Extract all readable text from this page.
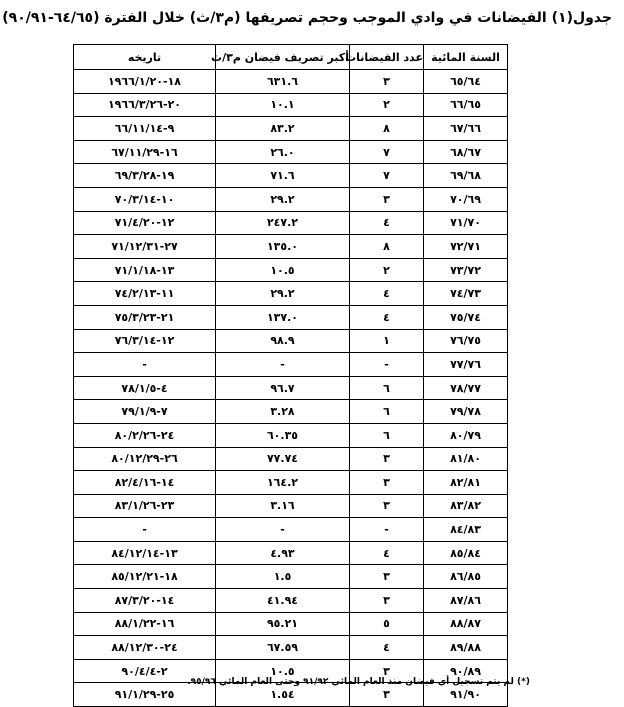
جدول(١) الفيضانات في وادي الموجب وحجم تصريفها (م٣/ث) خلال الفترة (٦٤/٦٥-٩٠/٩١)
السنة المائية	عدد الفيضانات	أكبر تصريف فيضان م٣/ث	تاريخه
٦٥/٦٤	٣	٦٣١.٦	١٨-١٩٦٦/١/٢٠
٦٦/٦٥	٢	١٠.١	٢٠-١٩٦٦/٣/٢٦
٦٧/٦٦	٨	٨٣.٢	٩-٦٦/١١/١٤
٦٨/٦٧	٧	٢٦.٠	١٦-٦٧/١١/٢٩
٦٩/٦٨	٧	٧١.٦	١٩-٦٩/٣/٢٨
٧٠/٦٩	٣	٢٩.٢	١٠-٧٠/٣/١٤
٧١/٧٠	٤	٢٤٧.٢	١٢-٧١/٤/٢٠
٧٢/٧١	٨	١٣٥.٠	٢٧-٧١/١٢/٣١
٧٣/٧٢	٢	١٠.٥	١٣-٧١/١/١٨
٧٤/٧٣	٤	٢٩.٢	١١-٧٤/٢/١٣
٧٥/٧٤	٤	١٣٧.٠	٢١-٧٥/٣/٢٣
٧٦/٧٥	١	٩٨.٩	١٢-٧٦/٣/١٤
٧٧/٧٦	-	-	-
٧٨/٧٧	٦	٩٦.٧	٤-٧٨/١/٥
٧٩/٧٨	٦	٣.٢٨	٧-٧٩/١/٩
٨٠/٧٩	٦	٦٠.٣٥	٢٤-٨٠/٢/٢٦
٨١/٨٠	٣	٧٧.٧٤	٢٦-٨٠/١٢/٢٩
٨٢/٨١	٣	١٦٤.٢	١٤-٨٢/٤/١٦
٨٣/٨٢	٣	٣.١٦	٢٣-٨٣/١/٢٦
٨٤/٨٣	-	-	-
٨٥/٨٤	٤	٤.٩٣	١٣-٨٤/١٢/١٤
٨٦/٨٥	٣	١.٥	١٨-٨٥/١٢/٢١
٨٧/٨٦	٣	٤١.٩٤	١٤-٨٧/٣/٢٠
٨٨/٨٧	٥	٩٥.٢١	١٦-٨٨/١/٢٢
٨٩/٨٨	٤	٦٧.٥٩	٢٤-٨٨/١٢/٣٠
٩٠/٨٩	٣	١٠.٥	٢-٩٠/٤/٤
٩١/٩٠	٣	١.٥٤	٢٥-٩١/١/٢٩
(*) لم يتم تسجيل أي فيضان منذ العام المائي ٩١/٩٢ وحتى العام المائي ٩٥/٩٦.
